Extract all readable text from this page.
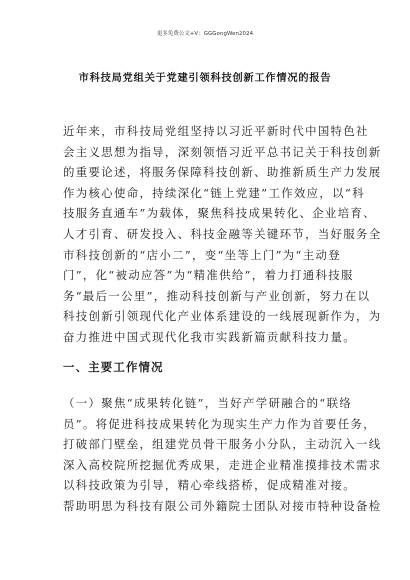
更多免费公文+V：GGGongWen2024
市科技局党组关于党建引领科技创新工作情况的报告
近年来，市科技局党组坚持以习近平新时代中国特色社
会主义思想为指导，深刻领悟习近平总书记关于科技创新
的重要论述，将服务保障科技创新、助推新质生产力发展
作为核心使命，持续深化“链上党建”工作效应，以“科
技服务直通车”为载体，聚焦科技成果转化、企业培育、
人才引育、研发投入、科技金融等关键环节，当好服务全
市科技创新的“店小二”，变“坐等上门”为“主动登
门”，化“被动应答”为“精准供给”，着力打通科技服
务“最后一公里”，推动科技创新与产业创新，努力在以
科技创新引领现代化产业体系建设的一线展现新作为，为
奋力推进中国式现代化我市实践新篇贡献科技力量。
一、主要工作情况
（一）聚焦“成果转化链”，当好产学研融合的“联络
员”。将促进科技成果转化为现实生产力作为首要任务，
打破部门壁垒，组建党员骨干服务小分队，主动沉入一线
深入高校院所挖掘优秀成果，走进企业精准摸排技术需求
以科技政策为引导，精心牵线搭桥，促成精准对接。
帮助明思为科技有限公司外籍院士团队对接市特种设备检
